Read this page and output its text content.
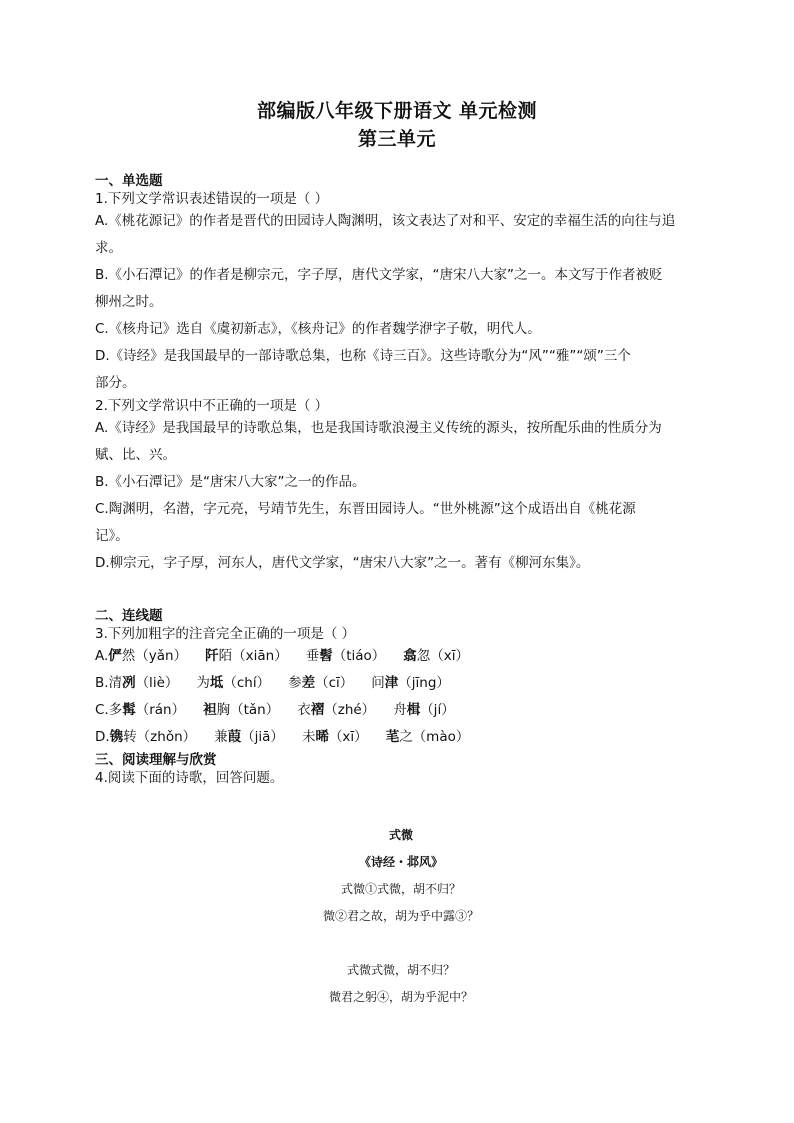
部编版八年级下册语文 单元检测
第三单元
一、单选题
1.下列文学常识表述错误的一项是（ ）
A.《桃花源记》的作者是晋代的田园诗人陶渊明，该文表达了对和平、安定的幸福生活的向往与追
求。
B.《小石潭记》的作者是柳宗元，字子厚，唐代文学家，“唐宋八大家”之一。本文写于作者被贬
柳州之时。
C.《核舟记》选自《虞初新志》，《核舟记》的作者魏学洢字子敬，明代人。
D.《诗经》是我国最早的一部诗歌总集，也称《诗三百》。这些诗歌分为“风”“雅”“颂”三个
部分。
2.下列文学常识中不正确的一项是（ ）
A.《诗经》是我国最早的诗歌总集，也是我国诗歌浪漫主义传统的源头，按所配乐曲的性质分为
赋、比、兴。
B.《小石潭记》是“唐宋八大家”之一的作品。
C.陶渊明，名潜，字元亮，号靖节先生，东晋田园诗人。“世外桃源”这个成语出自《桃花源
记》。
D.柳宗元，字子厚，河东人，唐代文学家，“唐宋八大家”之一。著有《柳河东集》。
二、连线题
3.下列加粗字的注音完全正确的一项是（ ）
A.俨然（yǎn） 阡陌（xiān） 垂髫（tiáo） 翕忽（xī）
B.清冽（liè） 为坻（chí） 参差（cī） 问津（jīng）
C.多髯（rán） 袒胸（tǎn） 衣褶（zhé） 舟楫（jí）
D.镌转（zhǒn） 兼葭（jiā） 未晞（xī） 芼之（mào）
三、阅读理解与欣赏
4.阅读下面的诗歌，回答问题。
式微
《诗经・邶风》
式微①式微，胡不归？
微②君之故，胡为乎中露③？
式微式微，胡不归？
微君之躬④，胡为乎泥中？
